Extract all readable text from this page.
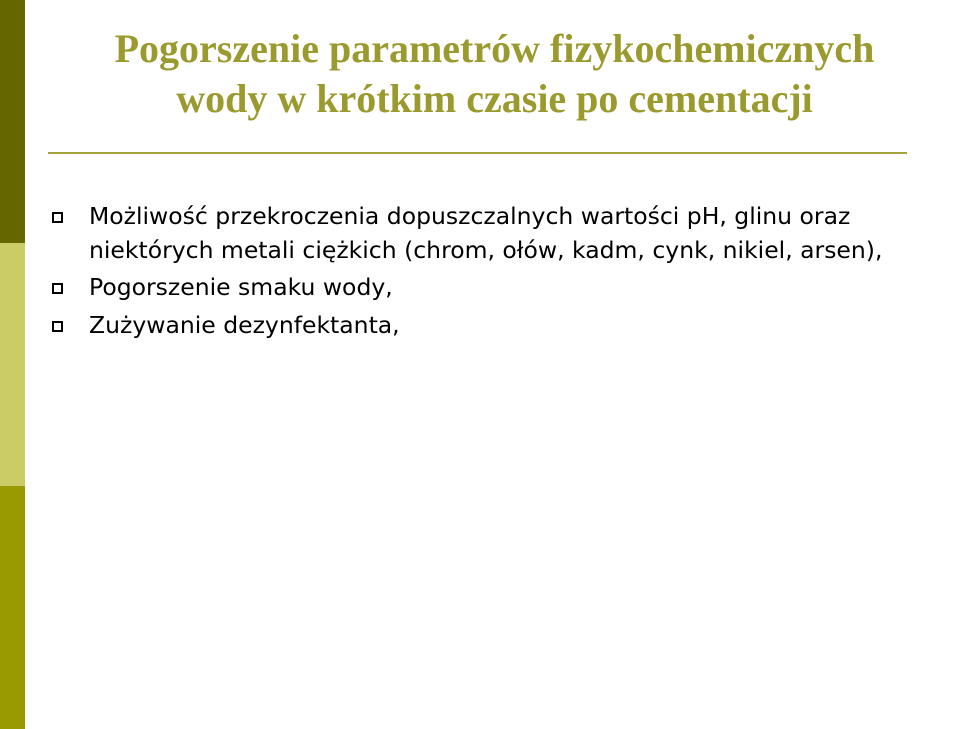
Pogorszenie parametrów fizykochemicznych
wody w krótkim czasie po cementacji
Możliwość przekroczenia dopuszczalnych wartości pH, glinu oraz niektórych metali ciężkich (chrom, ołów, kadm, cynk, nikiel, arsen),
Pogorszenie smaku wody,
Zużywanie dezynfektanta,
